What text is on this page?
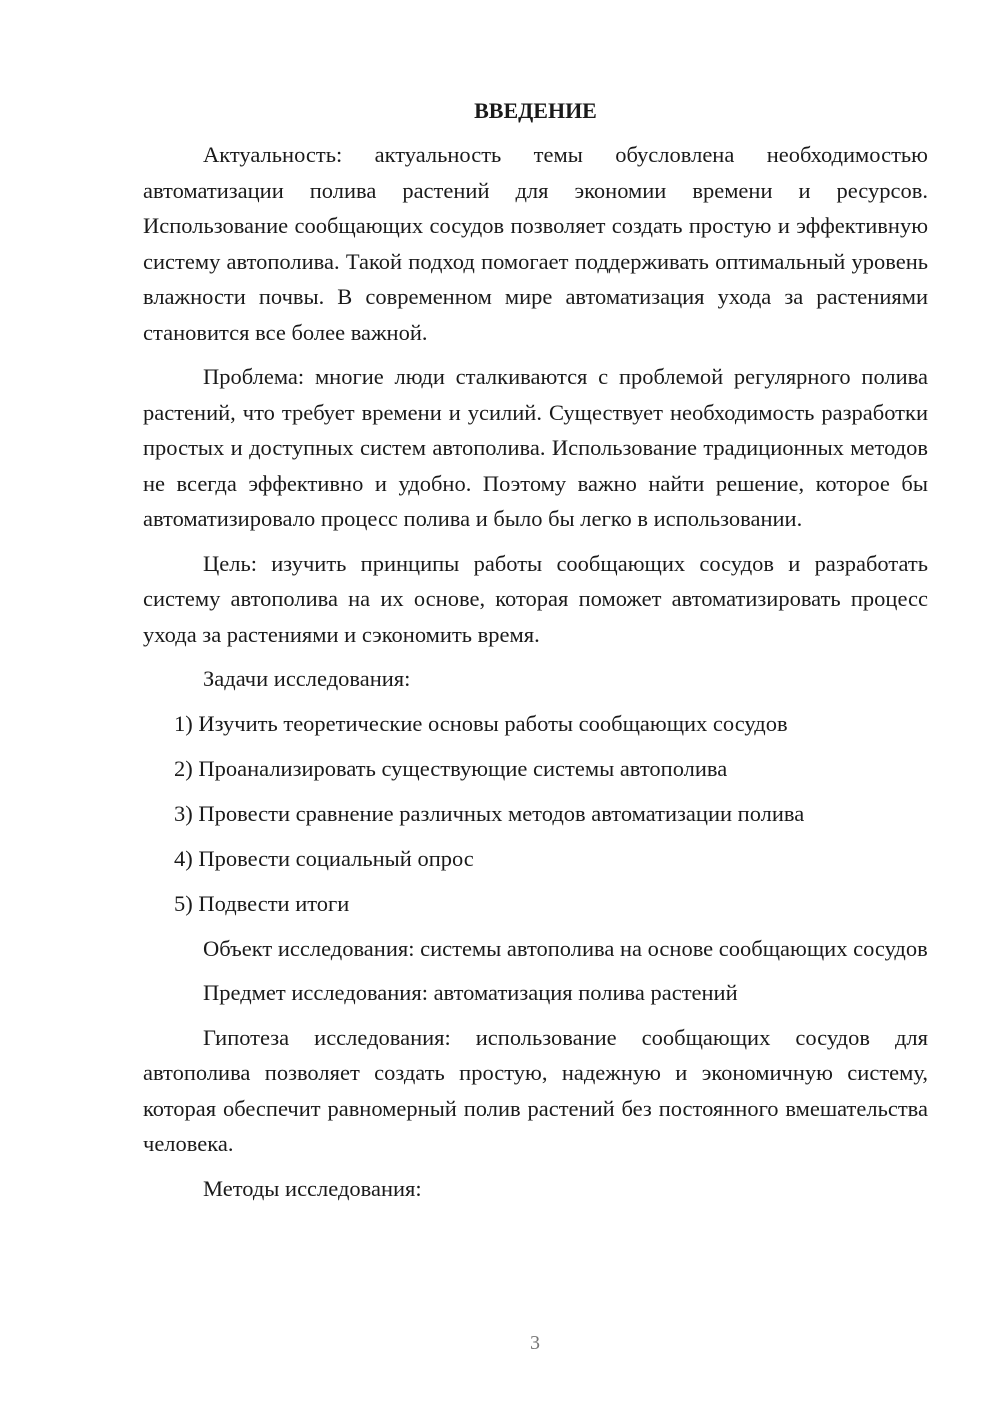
ВВЕДЕНИЕ

Актуальность: актуальность темы обусловлена необходимостью автоматизации полива растений для экономии времени и ресурсов. Использование сообщающих сосудов позволяет создать простую и эффективную систему автополива. Такой подход помогает поддерживать оптимальный уровень влажности почвы. В современном мире автоматизация ухода за растениями становится все более важной.

Проблема: многие люди сталкиваются с проблемой регулярного полива растений, что требует времени и усилий. Существует необходимость разработки простых и доступных систем автополива. Использование традиционных методов не всегда эффективно и удобно. Поэтому важно найти решение, которое бы автоматизировало процесс полива и было бы легко в использовании.

Цель: изучить принципы работы сообщающих сосудов и разработать систему автополива на их основе, которая поможет автоматизировать процесс ухода за растениями и сэкономить время.

Задачи исследования:
1) Изучить теоретические основы работы сообщающих сосудов
2) Проанализировать существующие системы автополива
3) Провести сравнение различных методов автоматизации полива
4) Провести социальный опрос
5) Подвести итоги

Объект исследования: системы автополива на основе сообщающих сосудов

Предмет исследования: автоматизация полива растений

Гипотеза исследования: использование сообщающих сосудов для автополива позволяет создать простую, надежную и экономичную систему, которая обеспечит равномерный полив растений без постоянного вмешательства человека.

Методы исследования:

3
